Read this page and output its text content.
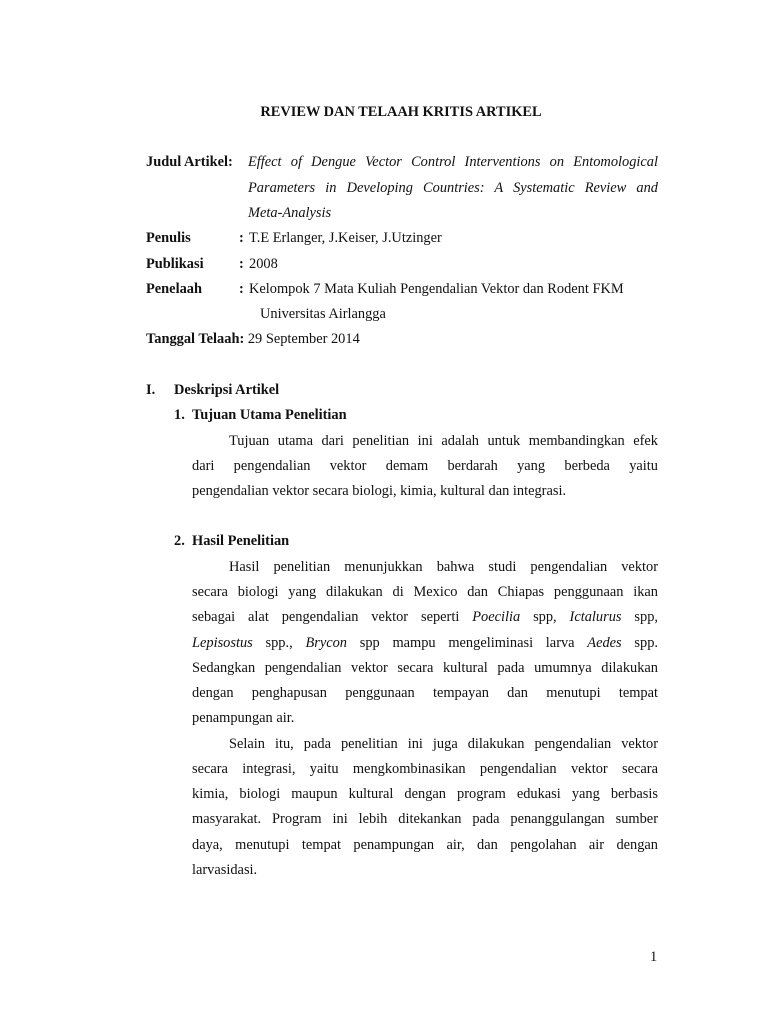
REVIEW DAN TELAAH KRITIS ARTIKEL
Judul Artikel: Effect of Dengue Vector Control Interventions on Entomological
Parameters in Developing Countries: A Systematic Review and
Meta-Analysis
Penulis	: T.E Erlanger, J.Keiser, J.Utzinger
Publikasi : 2008
Penelaah	: Kelompok 7 Mata Kuliah Pengendalian Vektor dan Rodent FKM
Universitas Airlangga
Tanggal Telaah: 29 September 2014
I. Deskripsi Artikel
1. Tujuan Utama Penelitian
Tujuan utama dari penelitian ini adalah untuk membandingkan efek
dari pengendalian vektor demam berdarah yang berbeda yaitu
pengendalian vektor secara biologi, kimia, kultural dan integrasi.
2. Hasil Penelitian
Hasil penelitian menunjukkan bahwa studi pengendalian vektor
secara biologi yang dilakukan di Mexico dan Chiapas penggunaan ikan
sebagai alat pengendalian vektor seperti Poecilia spp, Ictalurus spp,
Lepisostus spp., Brycon spp mampu mengeliminasi larva Aedes spp.
Sedangkan pengendalian vektor secara kultural pada umumnya dilakukan
dengan penghapusan penggunaan tempayan dan menutupi tempat
penampungan air.
Selain itu, pada penelitian ini juga dilakukan pengendalian vektor
secara integrasi, yaitu mengkombinasikan pengendalian vektor secara
kimia, biologi maupun kultural dengan program edukasi yang berbasis
masyarakat. Program ini lebih ditekankan pada penanggulangan sumber
daya, menutupi tempat penampungan air, dan pengolahan air dengan
larvasidasi.
1
